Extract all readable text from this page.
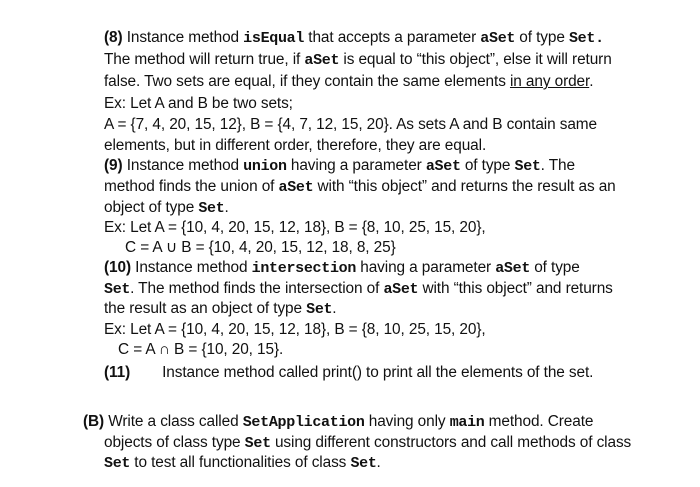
(8) Instance method isEqual that accepts a parameter aSet of type Set.
The method will return true, if aSet is equal to “this object”, else it will return
false. Two sets are equal, if they contain the same elements in any order.
Ex: Let A and B be two sets;
A = {7, 4, 20, 15, 12}, B = {4, 7, 12, 15, 20}. As sets A and B contain same
elements, but in different order, therefore, they are equal.
(9) Instance method union having a parameter aSet of type Set. The
method finds the union of aSet with “this object” and returns the result as an
object of type Set.
Ex: Let A = {10, 4, 20, 15, 12, 18}, B = {8, 10, 25, 15, 20},
C = A ∪ B = {10, 4, 20, 15, 12, 18, 8, 25}
(10) Instance method intersection having a parameter aSet of type
Set. The method finds the intersection of aSet with “this object” and returns
the result as an object of type Set.
Ex: Let A = {10, 4, 20, 15, 12, 18}, B = {8, 10, 25, 15, 20},
C = A ∩ B = {10, 20, 15}.
(11) Instance method called print() to print all the elements of the set.
(B) Write a class called SetApplication having only main method. Create
objects of class type Set using different constructors and call methods of class
Set to test all functionalities of class Set.
